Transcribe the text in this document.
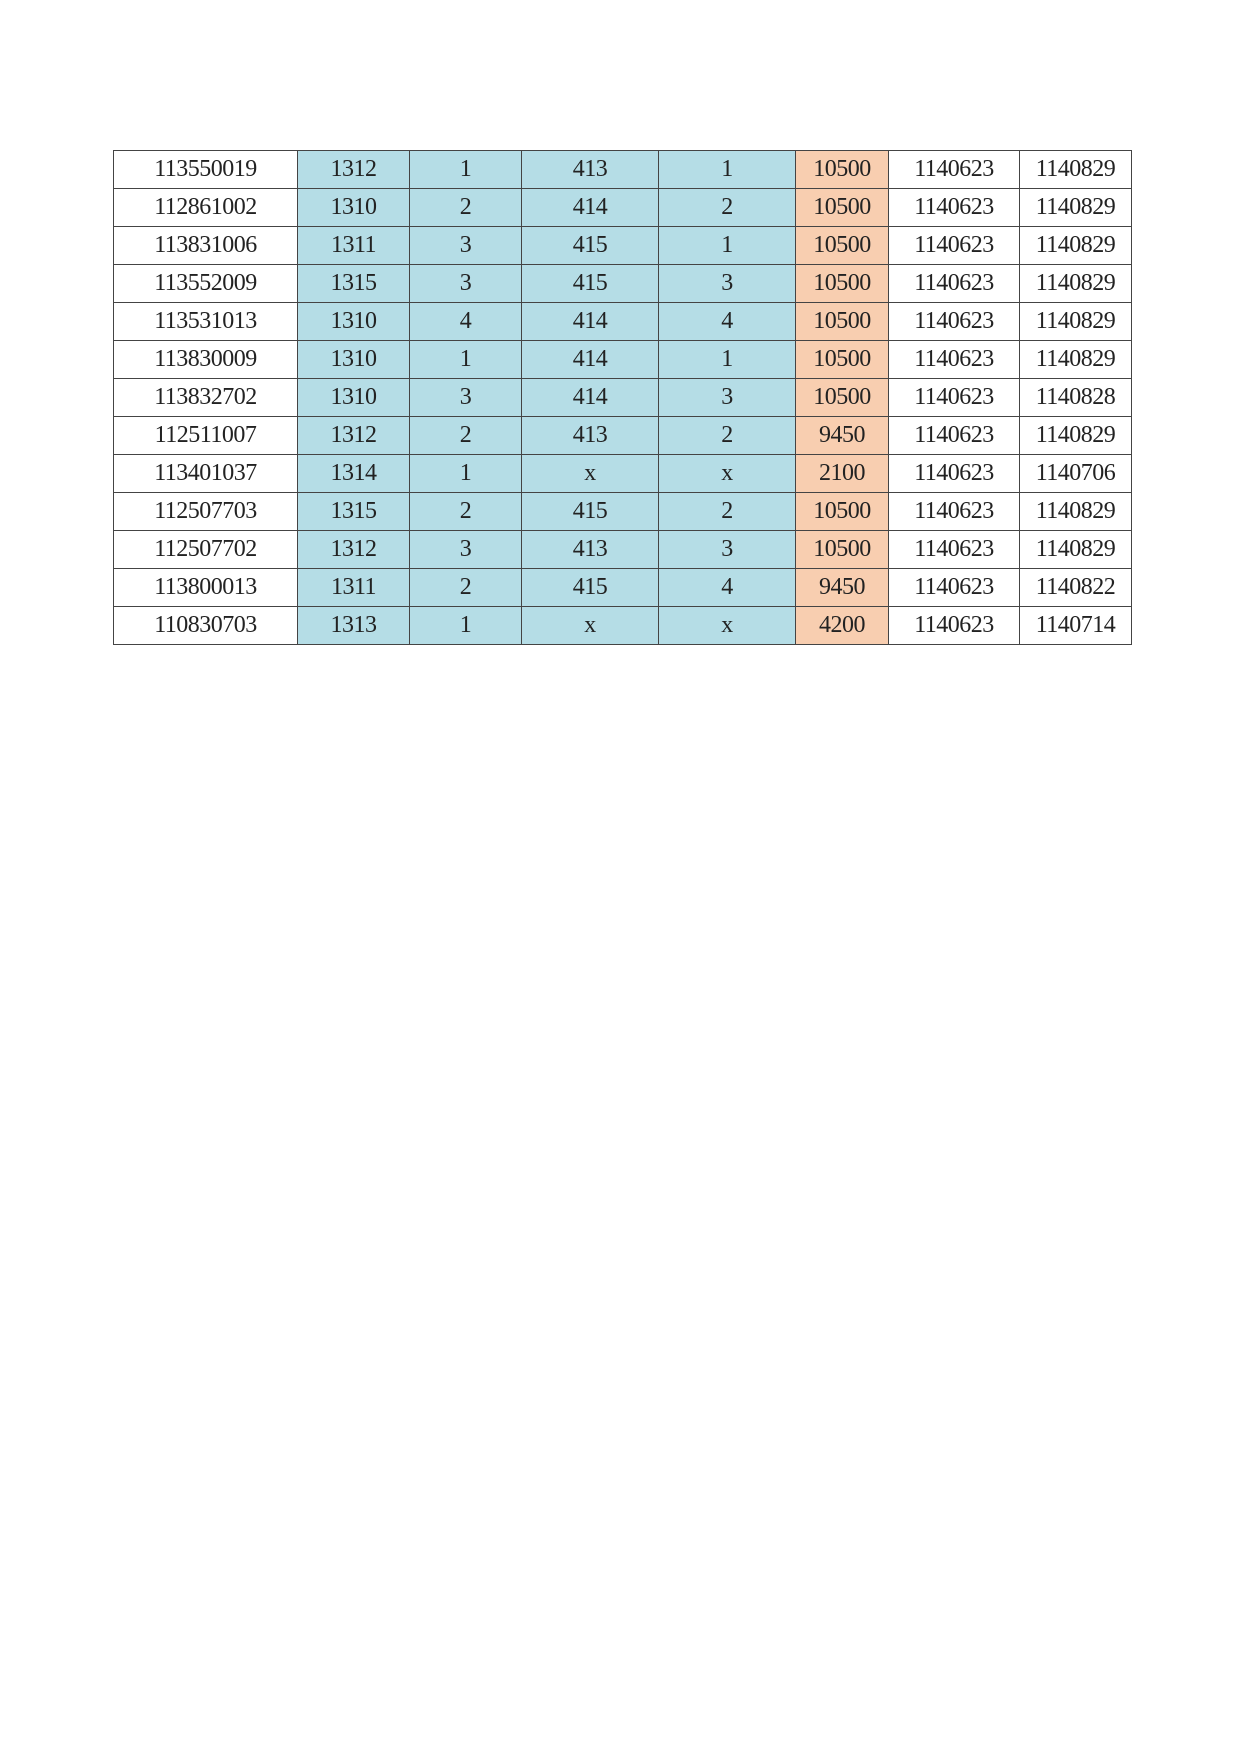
113550019	1312	1	413	1	10500	1140623	1140829
112861002	1310	2	414	2	10500	1140623	1140829
113831006	1311	3	415	1	10500	1140623	1140829
113552009	1315	3	415	3	10500	1140623	1140829
113531013	1310	4	414	4	10500	1140623	1140829
113830009	1310	1	414	1	10500	1140623	1140829
113832702	1310	3	414	3	10500	1140623	1140828
112511007	1312	2	413	2	9450	1140623	1140829
113401037	1314	1	x	x	2100	1140623	1140706
112507703	1315	2	415	2	10500	1140623	1140829
112507702	1312	3	413	3	10500	1140623	1140829
113800013	1311	2	415	4	9450	1140623	1140822
110830703	1313	1	x	x	4200	1140623	1140714
